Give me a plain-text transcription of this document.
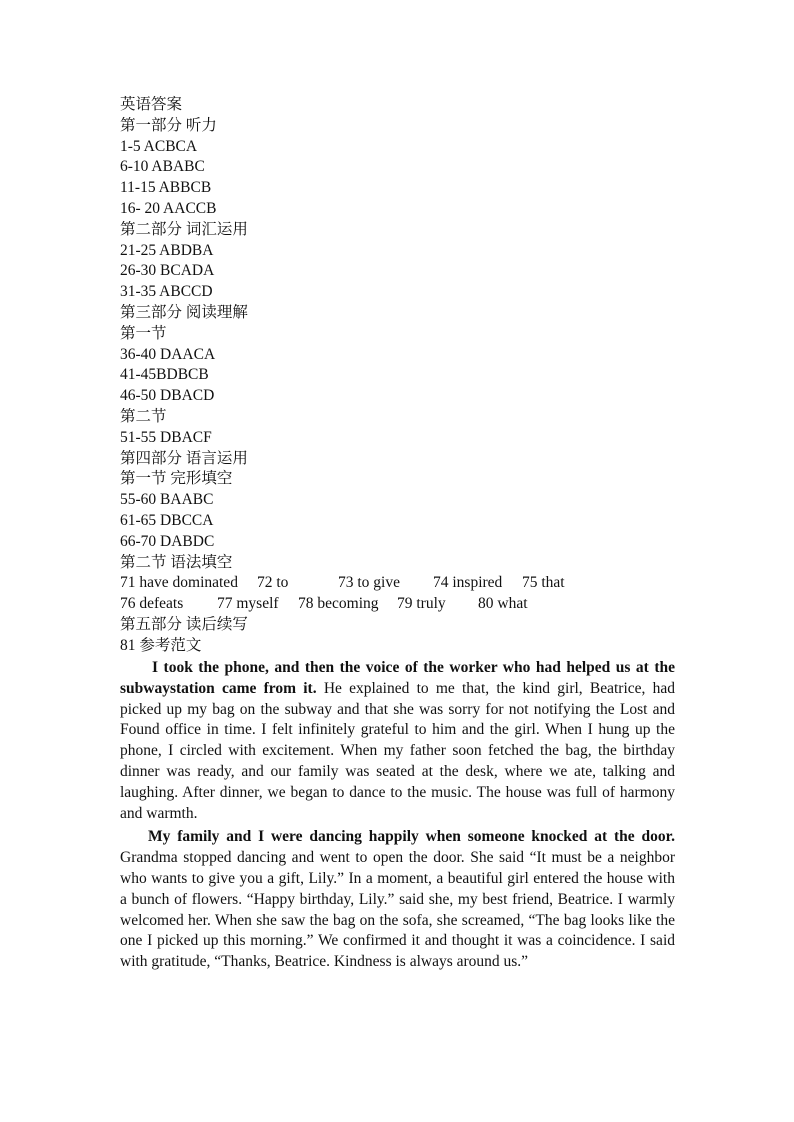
英语答案
第一部分 听力
1-5 ACBCA
6-10 ABABC
11-15 ABBCB
16- 20 AACCB
第二部分 词汇运用
21-25 ABDBA
26-30 BCADA
31-35 ABCCD
第三部分 阅读理解
第一节
36-40 DAACA
41-45BDBCB
46-50 DBACD
第二节
51-55 DBACF
第四部分 语言运用
第一节 完形填空
55-60 BAABC
61-65 DBCCA
66-70 DABDC
第二节 语法填空
71 have dominated 72 to	73 to give 74 inspired 75 that
76 defeats 77 myself 78 becoming 79 truly 80 what
第五部分 读后续写
81 参考范文

I took the phone, and then the voice of the worker who had helped us at the subwaystation came from it. He explained to me that, the kind girl, Beatrice, had picked up my bag on the subway and that she was sorry for not notifying the Lost and Found office in time. I felt infinitely grateful to him and the girl. When I hung up the phone, I circled with excitement. When my father soon fetched the bag, the birthday dinner was ready, and our family was seated at the desk, where we ate, talking and laughing. After dinner, we began to dance to the music. The house was full of harmony and warmth.

My family and I were dancing happily when someone knocked at the door. Grandma stopped dancing and went to open the door. She said “It must be a neighbor who wants to give you a gift, Lily.” In a moment, a beautiful girl entered the house with a bunch of flowers. “Happy birthday, Lily.” said she, my best friend, Beatrice. I warmly welcomed her. When she saw the bag on the sofa, she screamed, “The bag looks like the one I picked up this morning.” We confirmed it and thought it was a coincidence. I said with gratitude, “Thanks, Beatrice. Kindness is always around us.”
